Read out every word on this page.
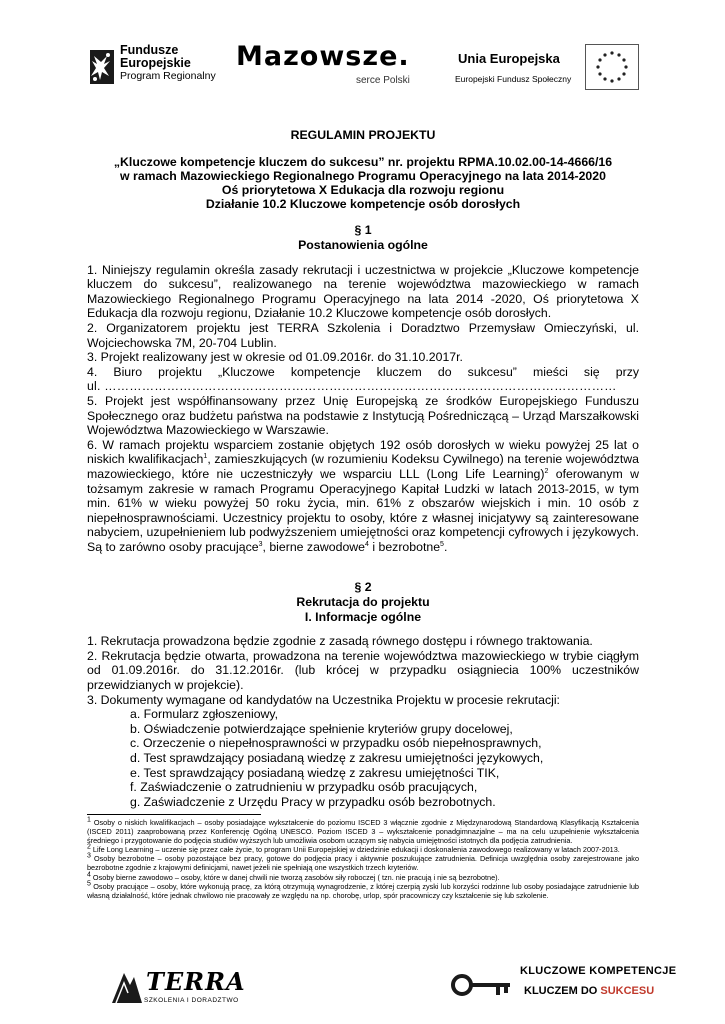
Fundusze
Europejskie
Program Regionalny
Mazowsze.
serce Polski
Unia Europejska
Europejski Fundusz Społeczny
REGULAMIN PROJEKTU
„Kluczowe kompetencje kluczem do sukcesu” nr. projektu RPMA.10.02.00-14-4666/16
w ramach Mazowieckiego Regionalnego Programu Operacyjnego na lata 2014-2020
Oś priorytetowa X Edukacja dla rozwoju regionu
Działanie 10.2 Kluczowe kompetencje osób dorosłych
§ 1
Postanowienia ogólne

1. Niniejszy regulamin określa zasady rekrutacji i uczestnictwa w projekcie „Kluczowe kompetencje kluczem do sukcesu”, realizowanego na terenie województwa mazowieckiego w ramach Mazowieckiego Regionalnego Programu Operacyjnego na lata 2014 -2020, Oś priorytetowa X Edukacja dla rozwoju regionu, Działanie 10.2 Kluczowe kompetencje osób dorosłych.

2. Organizatorem projektu jest TERRA Szkolenia i Doradztwo Przemysław Omieczyński, ul. Wojciechowska 7M, 20-704 Lublin.

3. Projekt realizowany jest w okresie od 01.09.2016r. do 31.10.2017r.

4. Biuro projektu „Kluczowe kompetencje kluczem do sukcesu” mieści się przy

ul. ……………………………………………………………………………………………………………

5. Projekt jest współfinansowany przez Unię Europejską ze środków Europejskiego Funduszu Społecznego oraz budżetu państwa na podstawie z Instytucją Pośredniczącą – Urząd Marszałkowski Województwa Mazowieckiego w Warszawie.

6. W ramach projektu wsparciem zostanie objętych 192 osób dorosłych w wieku powyżej 25 lat o niskich kwalifikacjach$^1$, zamieszkujących (w rozumieniu Kodeksu Cywilnego) na terenie województwa mazowieckiego, które nie uczestniczyły we wsparciu LLL (Long Life Learning)$^2$ oferowanym w tożsamym zakresie w ramach Programu Operacyjnego Kapitał Ludzki w latach 2013-2015, w tym min. 61% w wieku powyżej 50 roku życia, min. 61% z obszarów wiejskich i min. 10 osób z niepełnosprawnościami. Uczestnicy projektu to osoby, które z własnej inicjatywy są zainteresowane nabyciem, uzupełnieniem lub podwyższeniem umiejętności oraz kompetencji cyfrowych i językowych. Są to zarówno osoby pracujące$^3$, bierne zawodowe$^4$ i bezrobotne$^5$.

§ 2
Rekrutacja do projektu
I. Informacje ogólne

1. Rekrutacja prowadzona będzie zgodnie z zasadą równego dostępu i równego traktowania.

2. Rekrutacja będzie otwarta, prowadzona na terenie województwa mazowieckiego w trybie ciągłym od 01.09.2016r. do 31.12.2016r. (lub krócej w przypadku osiągniecia 100% uczestników przewidzianych w projekcie).

3. Dokumenty wymagane od kandydatów na Uczestnika Projektu w procesie rekrutacji:

a. Formularz zgłoszeniowy,
b. Oświadczenie potwierdzające spełnienie kryteriów grupy docelowej,
c. Orzeczenie o niepełnosprawności w przypadku osób niepełnosprawnych,
d. Test sprawdzający posiadaną wiedzę z zakresu umiejętności językowych,
e. Test sprawdzający posiadaną wiedzę z zakresu umiejętności TIK,
f. Zaświadczenie o zatrudnieniu w przypadku osób pracujących,
g. Zaświadczenie z Urzędu Pracy w przypadku osób bezrobotnych.

$^1$ Osoby o niskich kwalifikacjach – osoby posiadające wykształcenie do poziomu ISCED 3 włącznie zgodnie z Międzynarodową Standardową Klasyfikacją Kształcenia (ISCED 2011) zaaprobowaną przez Konferencję Ogólną UNESCO. Poziom ISCED 3 – wykształcenie ponadgimnazjalne – ma na celu uzupełnienie wykształcenia średniego i przygotowanie do podjęcia studiów wyższych lub umożliwia osobom uczącym się nabycia umiejętności istotnych dla podjęcia zatrudnienia.

$^2$ Life Long Learning – uczenie się przez całe życie, to program Unii Europejskiej w dziedzinie edukacji i doskonalenia zawodowego realizowany w latach 2007-2013.

$^3$ Osoby bezrobotne – osoby pozostające bez pracy, gotowe do podjęcia pracy i aktywnie poszukujące zatrudnienia. Definicja uwzględnia osoby zarejestrowane jako bezrobotne zgodnie z krajowymi definicjami, nawet jeżeli nie spełniają one wszystkich trzech kryteriów.

$^4$ Osoby bierne zawodowo – osoby, które w danej chwili nie tworzą zasobów siły roboczej ( tzn. nie pracują i nie są bezrobotne).

$^5$ Osoby pracujące – osoby, które wykonują pracę, za którą otrzymują wynagrodzenie, z której czerpią zyski lub korzyści rodzinne lub osoby posiadające zatrudnienie lub własną działalność, które jednak chwilowo nie pracowały ze względu na np. chorobę, urlop, spór pracowniczy czy kształcenie się lub szkolenie.

TERRA
SZKOLENIA I DORADZTWO
KLUCZOWE KOMPETENCJE
KLUCZEM DO SUKCESU
